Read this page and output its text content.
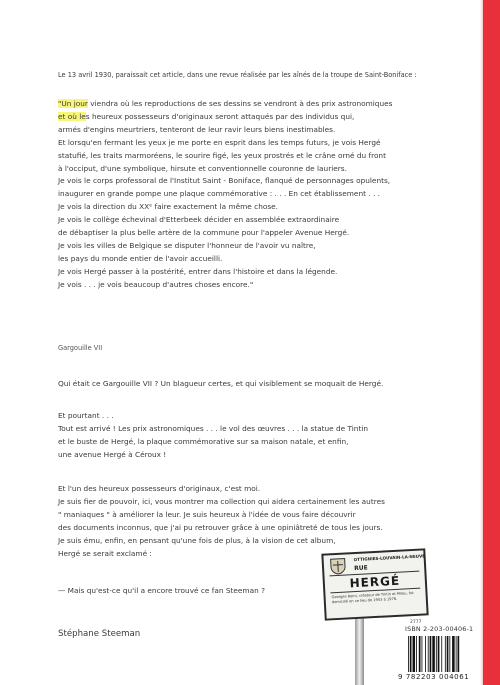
Le 13 avril 1930, paraissait cet article, dans une revue réalisée par les aînés de la troupe de Saint-Boniface :

"Un jour viendra où les reproductions de ses dessins se vendront à des prix astronomiques
et où les heureux possesseurs d'originaux seront attaqués par des individus qui,
armés d'engins meurtriers, tenteront de leur ravir leurs biens inestimables.
Et lorsqu'en fermant les yeux je me porte en esprit dans les temps futurs, je vois Hergé
statufié, les traits marmoréens, le sourire figé, les yeux prostrés et le crâne orné du front
à l'occiput, d'une symbolique, hirsute et conventionnelle couronne de lauriers.
Je vois le corps professoral de l'Institut Saint - Boniface, flanqué de personnages opulents,
inaugurer en grande pompe une plaque commémorative : . . . En cet établissement . . .
Je vois la direction du XXᵉ faire exactement la même chose.
Je vois le collège échevinal d'Etterbeek décider en assemblée extraordinaire
de débaptiser la plus belle artère de la commune pour l'appeler Avenue Hergé.
Je vois les villes de Belgique se disputer l'honneur de l'avoir vu naître,
les pays du monde entier de l'avoir accueilli.
Je vois Hergé passer à la postérité, entrer dans l'histoire et dans la légende.
Je vois . . . je vois beaucoup d'autres choses encore."

Gargouille VII

Qui était ce Gargouille VII ? Un blagueur certes, et qui visiblement se moquait de Hergé.
Et pourtant . . .
Tout est arrivé ! Les prix astronomiques . . . le vol des œuvres . . . la statue de Tintin
et le buste de Hergé, la plaque commémorative sur sa maison natale, et enfin,
une avenue Hergé à Céroux !
Et l'un des heureux possesseurs d'originaux, c'est moi.
Je suis fier de pouvoir, ici, vous montrer ma collection qui aidera certainement les autres
" maniaques " à améliorer la leur. Je suis heureux à l'idée de vous faire découvrir
des documents inconnus, que j'ai pu retrouver grâce à une opiniâtreté de tous les jours.
Je suis ému, enfin, en pensant qu'une fois de plus, à la vision de cet album,
Hergé se serait exclamé :

— Mais qu'est-ce qu'il a encore trouvé ce fan Steeman ?

Stéphane Steeman

OTTIGNIES-LOUVAIN-LA-NEUVE
RUE
HERGÉ
Georges Remi, créateur de Tintin et Milou, fut domicilié en ce lieu de 1953 à 1976.
2777
ISBN 2-203-00406-1
9 782203 004061
